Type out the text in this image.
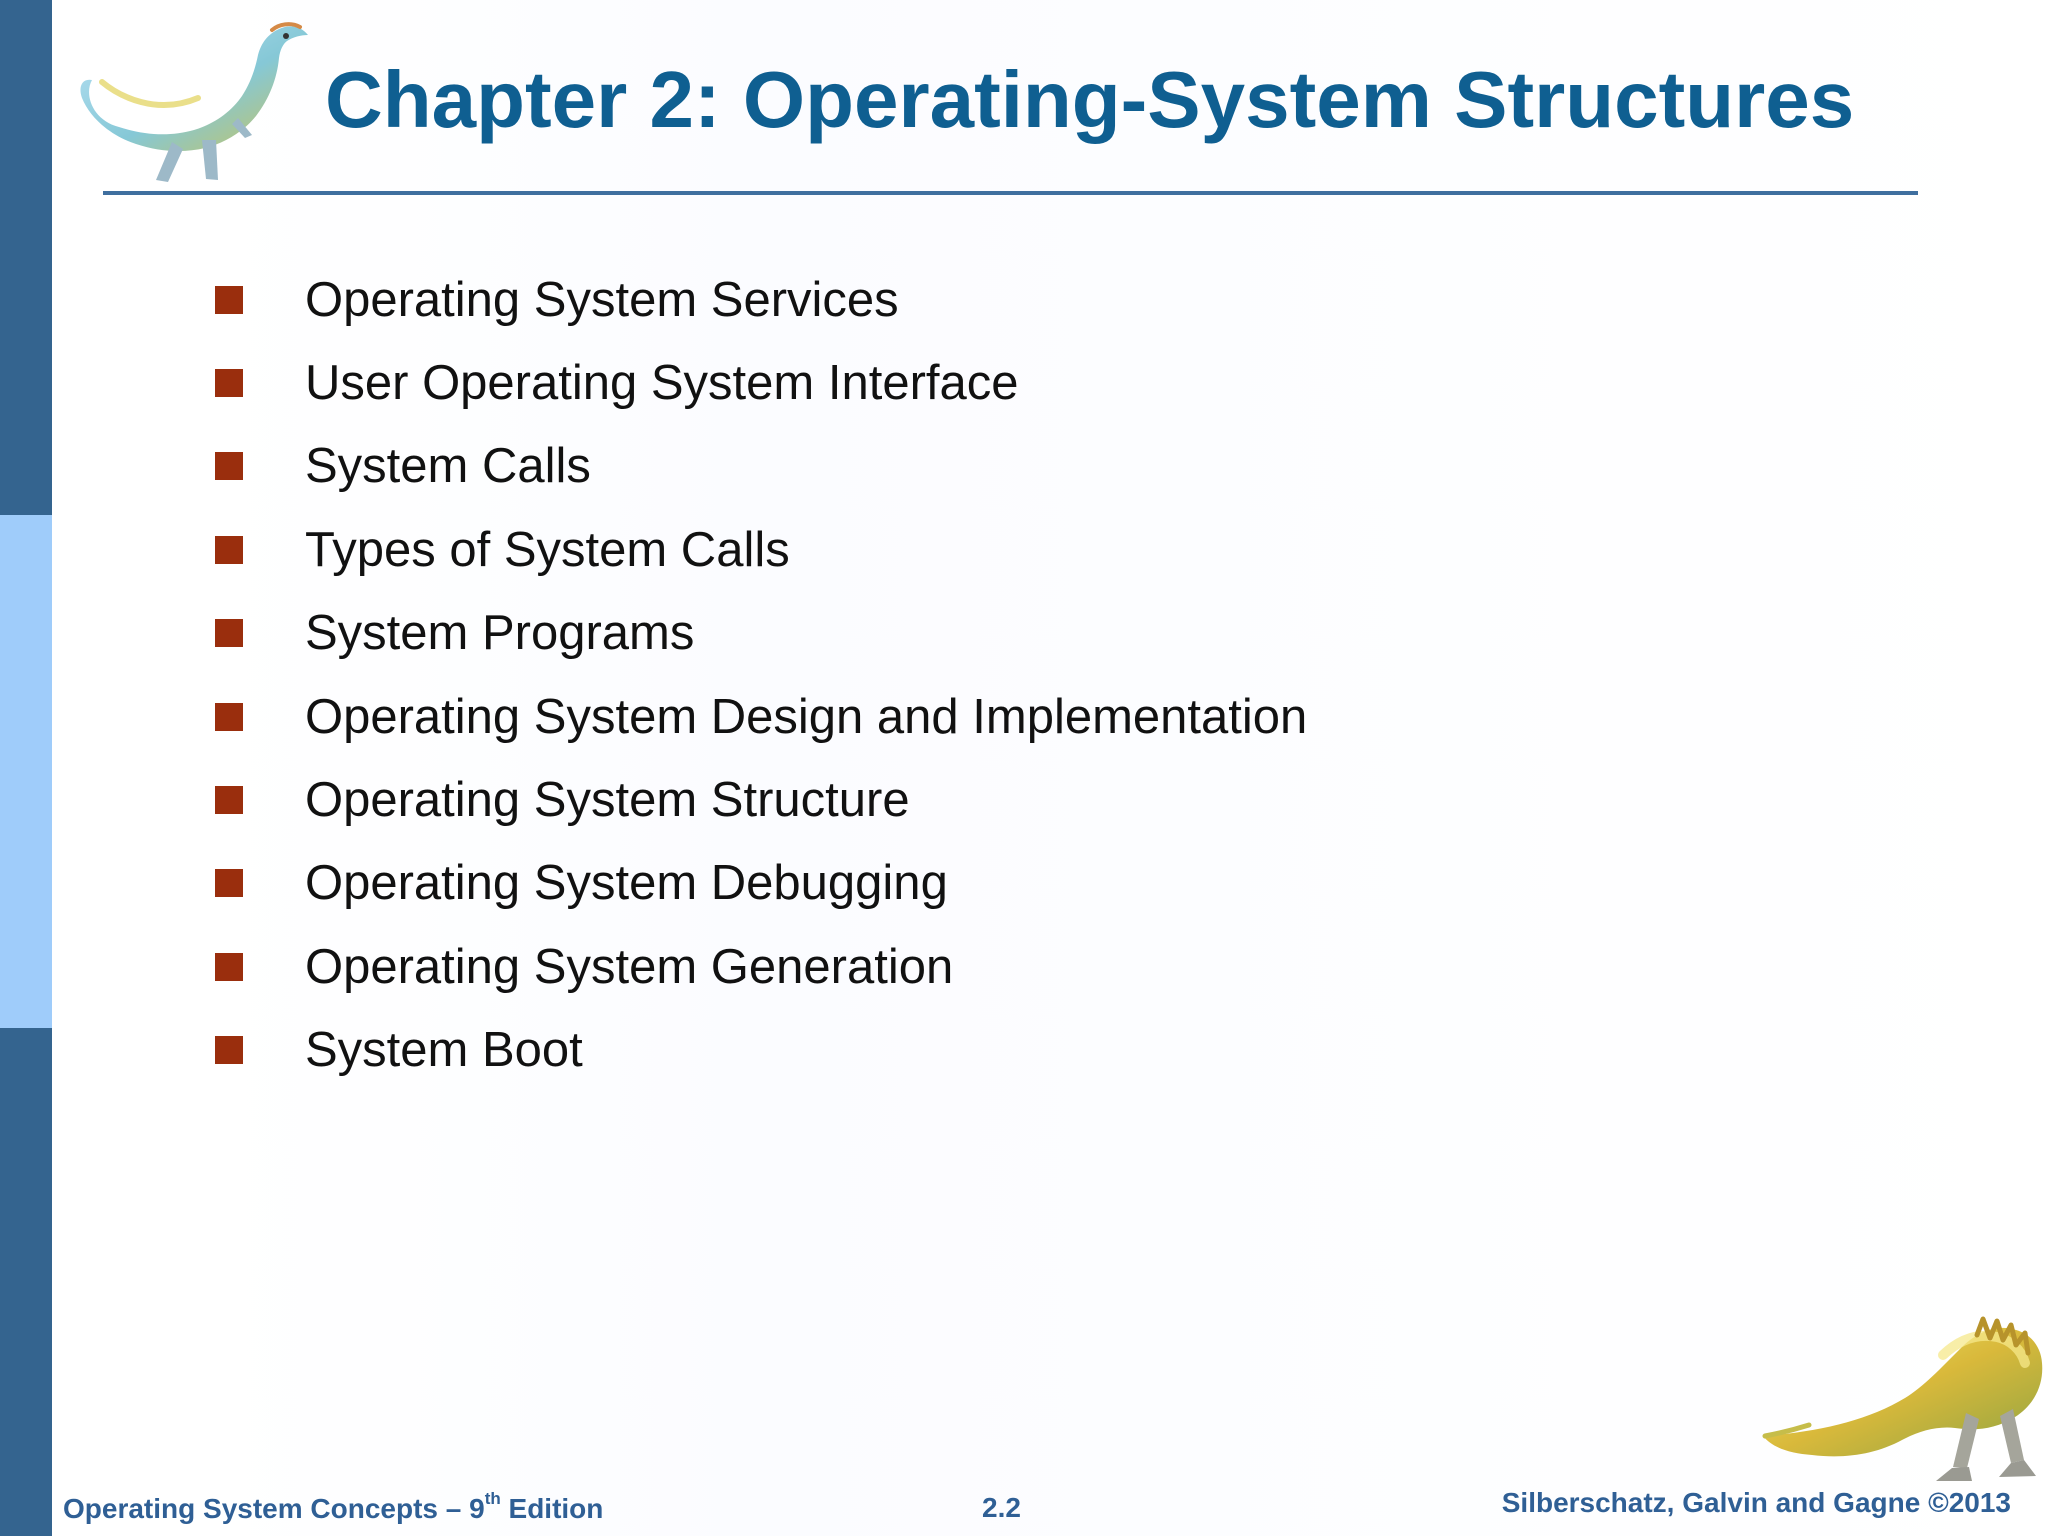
Chapter 2: Operating-System Structures
Operating System Services
User Operating System Interface
System Calls
Types of System Calls
System Programs
Operating System Design and Implementation
Operating System Structure
Operating System Debugging
Operating System Generation
System Boot
Operating System Concepts – 9th Edition	2.2	Silberschatz, Galvin and Gagne ©2013
